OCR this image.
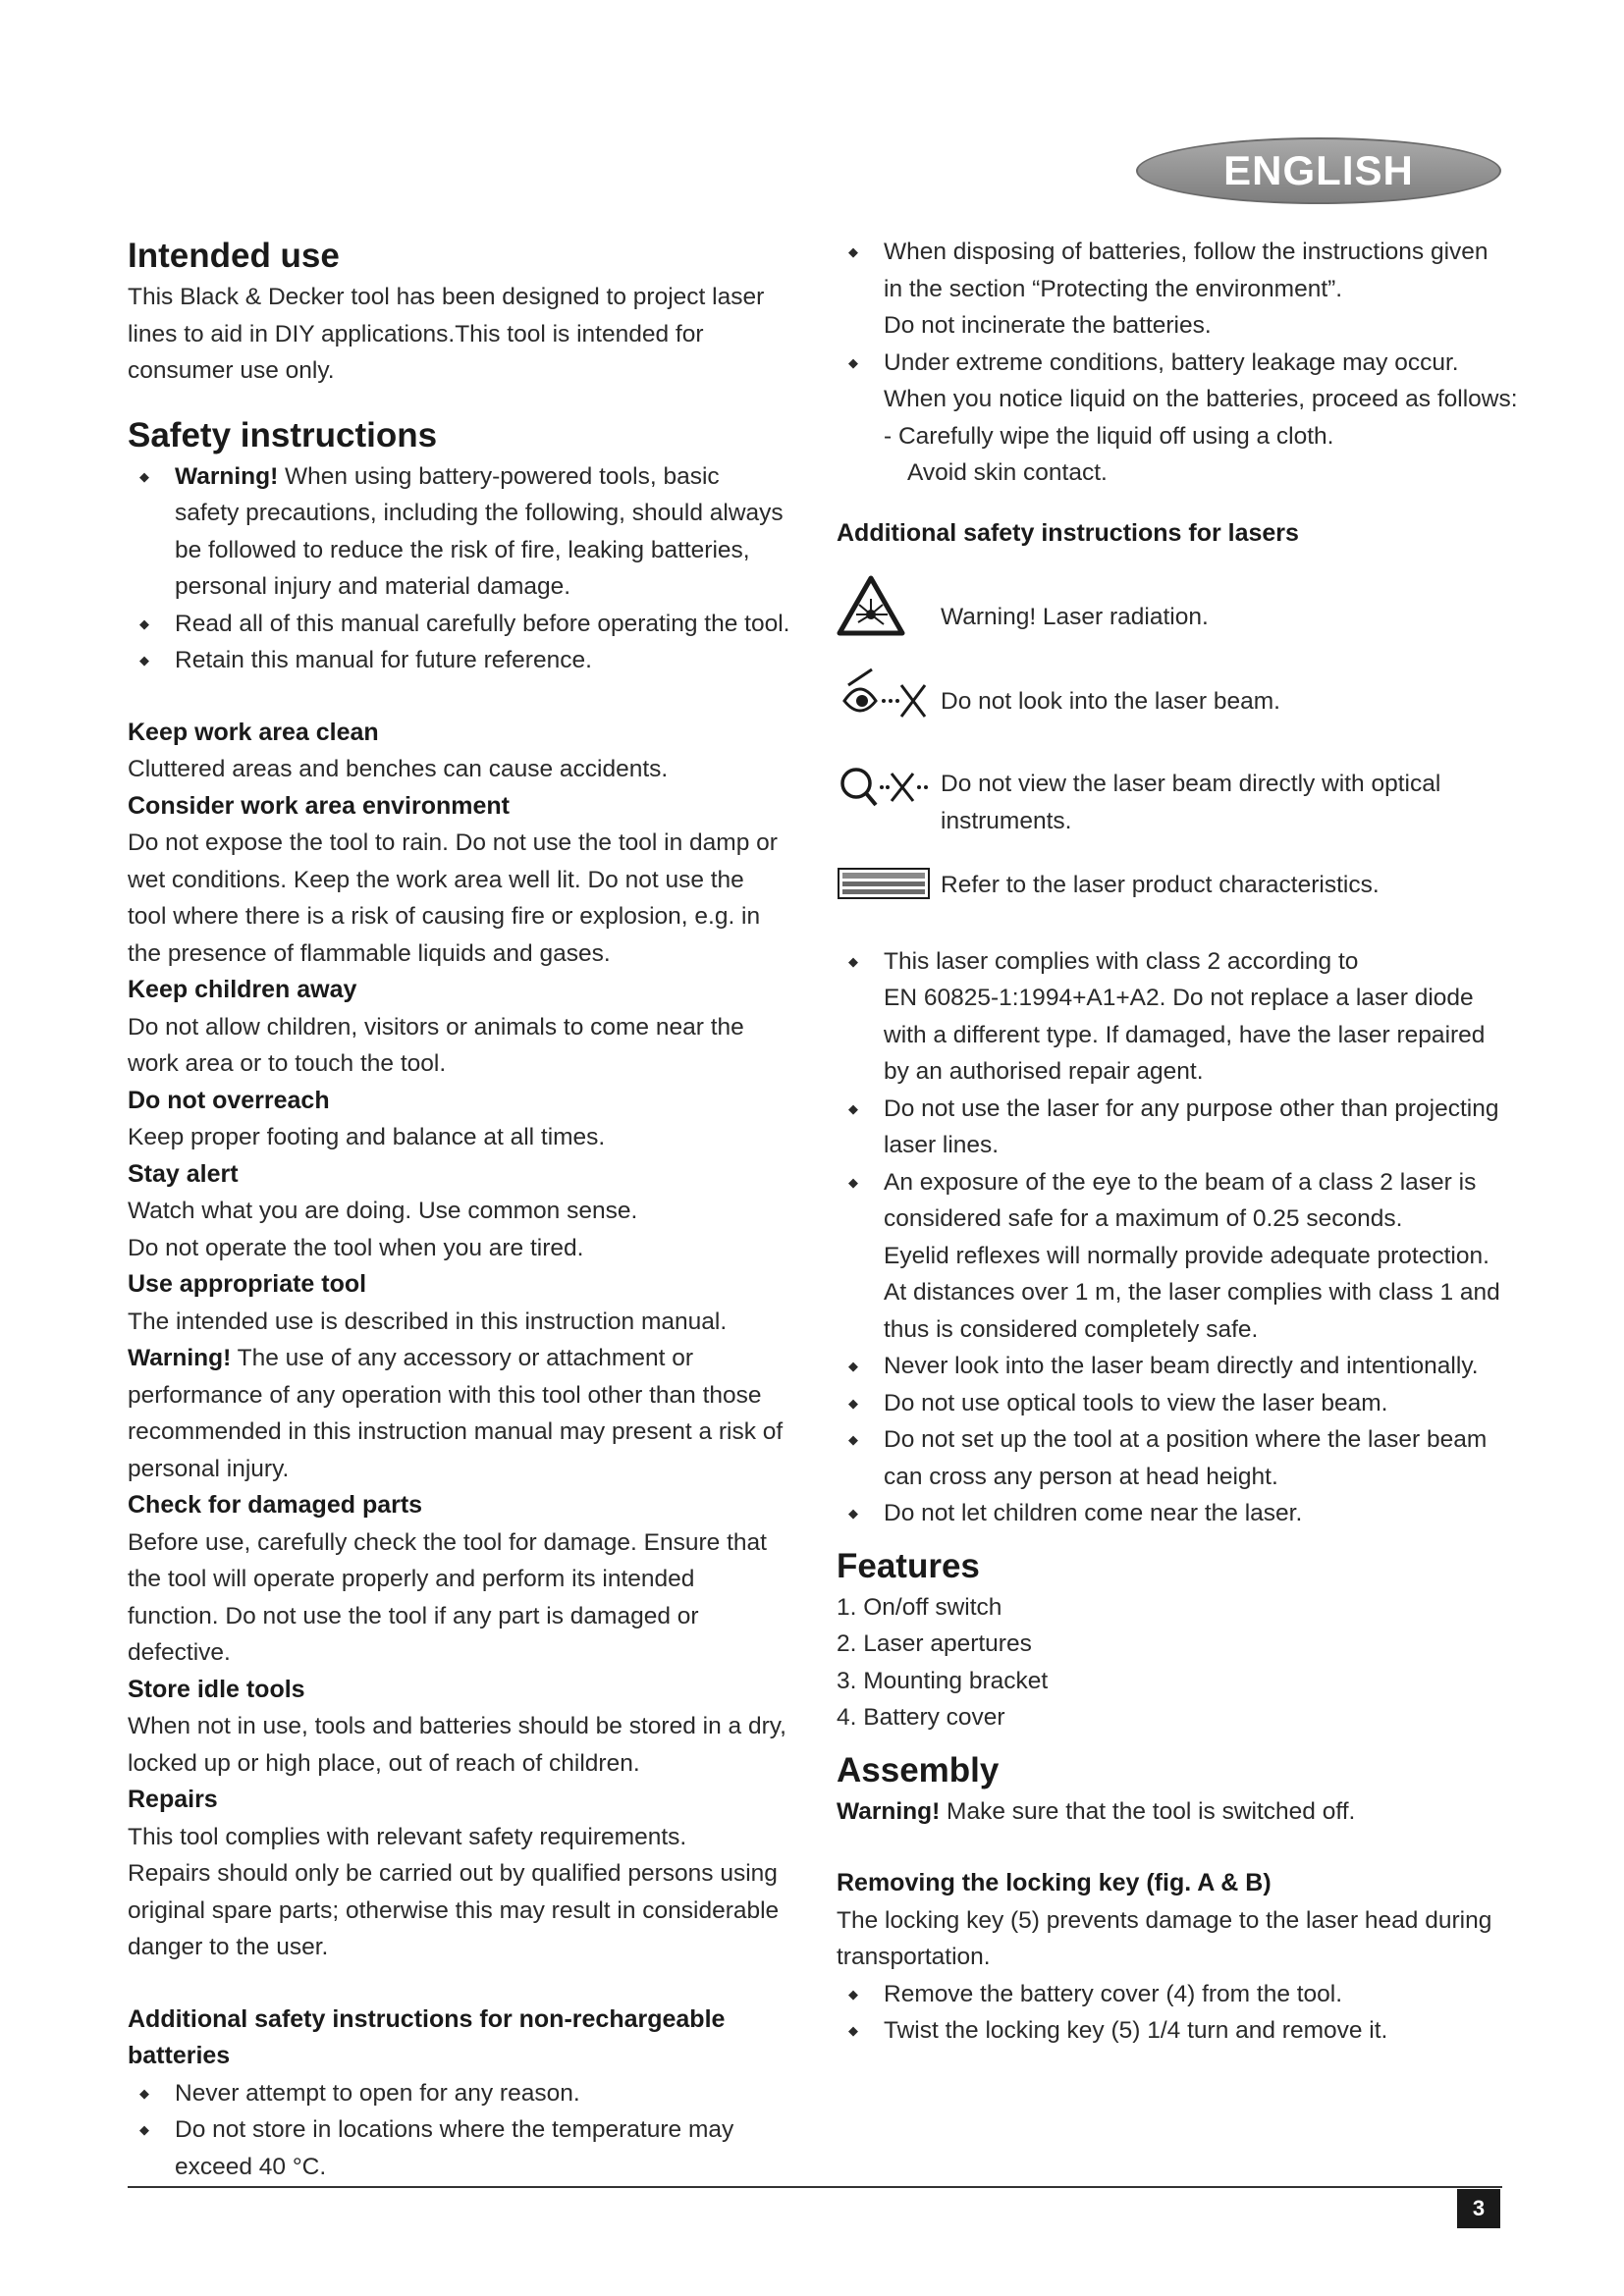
ENGLISH
Intended use

This Black & Decker tool has been designed to project laser

lines to aid in DIY applications.This tool is intended for

consumer use only.

Safety instructions

◆ Warning! When using battery-powered tools, basic

safety precautions, including the following, should always

be followed to reduce the risk of fire, leaking batteries,

personal injury and material damage.

◆ Read all of this manual carefully before operating the tool.

◆ Retain this manual for future reference.

Keep work area clean

Cluttered areas and benches can cause accidents.

Consider work area environment

Do not expose the tool to rain. Do not use the tool in damp or

wet conditions. Keep the work area well lit. Do not use the

tool where there is a risk of causing fire or explosion, e.g. in

the presence of flammable liquids and gases.

Keep children away

Do not allow children, visitors or animals to come near the

work area or to touch the tool.

Do not overreach

Keep proper footing and balance at all times.

Stay alert

Watch what you are doing. Use common sense.

Do not operate the tool when you are tired.

Use appropriate tool

The intended use is described in this instruction manual.

Warning! The use of any accessory or attachment or

performance of any operation with this tool other than those

recommended in this instruction manual may present a risk of

personal injury.

Check for damaged parts

Before use, carefully check the tool for damage. Ensure that

the tool will operate properly and perform its intended

function. Do not use the tool if any part is damaged or defective.

Store idle tools

When not in use, tools and batteries should be stored in a dry,

locked up or high place, out of reach of children.

Repairs

This tool complies with relevant safety requirements.

Repairs should only be carried out by qualified persons using

original spare parts; otherwise this may result in considerable

danger to the user.

Additional safety instructions for non-rechargeable
batteries

◆ Never attempt to open for any reason.

◆ Do not store in locations where the temperature may

exceed 40 °C.

◆ When disposing of batteries, follow the instructions given

in the section “Protecting the environment”.

Do not incinerate the batteries.

◆ Under extreme conditions, battery leakage may occur.

When you notice liquid on the batteries, proceed as follows:

- Carefully wipe the liquid off using a cloth.

Avoid skin contact.

Additional safety instructions for lasers
Warning! Laser radiation.
Do not look into the laser beam.

Do not view the laser beam directly with optical

instruments.

Refer to the laser product characteristics.

◆ This laser complies with class 2 according to

EN 60825-1:1994+A1+A2. Do not replace a laser diode

with a different type. If damaged, have the laser repaired

by an authorised repair agent.

◆ Do not use the laser for any purpose other than projecting

laser lines.

◆ An exposure of the eye to the beam of a class 2 laser is

considered safe for a maximum of 0.25 seconds.

Eyelid reflexes will normally provide adequate protection.

At distances over 1 m, the laser complies with class 1 and

thus is considered completely safe.

◆ Never look into the laser beam directly and intentionally.

◆ Do not use optical tools to view the laser beam.

◆ Do not set up the tool at a position where the laser beam

can cross any person at head height.

◆ Do not let children come near the laser.

Features

1. On/off switch

2. Laser apertures

3. Mounting bracket

4. Battery cover

Assembly

Warning! Make sure that the tool is switched off.

Removing the locking key (fig. A & B)

The locking key (5) prevents damage to the laser head during

transportation.

◆ Remove the battery cover (4) from the tool.

◆ Twist the locking key (5) 1/4 turn and remove it.

3
